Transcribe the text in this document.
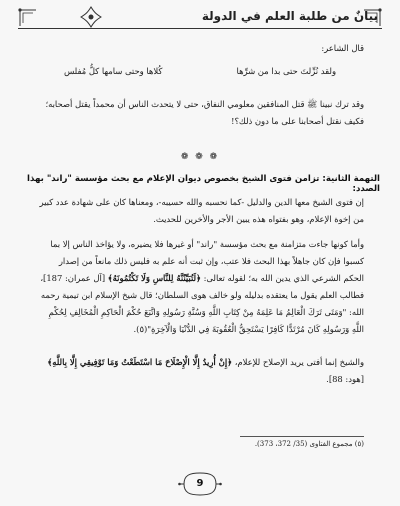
بيانٌ من طلبة العلم في الدولة
قال الشاعر:
ولقد نُزِّلتَ حتى بدا من شرِّها
كُلاها وحتى سامها كلُّ مُفلس
وقد ترك نبينا ﷺ قتل المنافقين معلومي النفاق، حتى لا يتحدث الناس أن محمداً يقتل أصحابه؛ فكيف نقتل أصحابنا على ما دون ذلك؟!
❁ ❁ ❁
التهمة الثانية: تزامن فتوى الشيخ بخصوص ديوان الإعلام مع بحث مؤسسة "راند" بهذا الصدد:
إن فتوى الشيخ معها الدين والدليل -كما نحسبه والله حسيبه-، ومعناها كان على شهادة عدد كبير من إخوة الإعلام، وهو بفتواه هذه يبين الأجر والأخرين للحديث.
وأما كونها جاءت متزامنة مع بحث مؤسسة "راند" أو غيرها فلا يضيره، ولا يؤاخذ الناس إلا بما كسبوا فإن كان جاهلاً بهذا البحث فلا عتب، وإن ثبت أنه علم به فليس ذلك مانعاً من إصدار الحكم الشرعي الذي يدين الله به؛ لقوله تعالى: ﴿لَتُبَيِّنُنَّهُ لِلنَّاسِ وَلَا تَكْتُمُونَهُ﴾ [آل عمران: 187]، فطالب العلم يقول ما يعتقده بدليله ولو خالف هوى السلطان؛ قال شيخ الإسلام ابن تيمية رحمه الله: "وَمَتَى تَرَكَ الْعَالِمُ مَا عَلِمَهُ مِنْ كِتَابِ اللَّهِ وَسُنَّةِ رَسُولِهِ وَاتَّبَعَ حُكْمَ الْحَاكِمِ الْمُخَالِفِ لِحُكْمِ اللَّهِ وَرَسُولِهِ كَانَ مُرْتَدًّا كَافِرًا يَسْتَحِقُّ الْعُقُوبَةَ فِي الدُّنْيَا وَالْآخِرَةِ"(٥).
والشيخ إنما أفتى يريد الإصلاح للإعلام، ﴿إِنْ أُرِيدُ إِلَّا الْإِصْلَاحَ مَا اسْتَطَعْتُ وَمَا تَوْفِيقِي إِلَّا بِاللَّهِ﴾ [هود: 88].
(٥) مجموع الفتاوى (35/ 372، 373).
9
